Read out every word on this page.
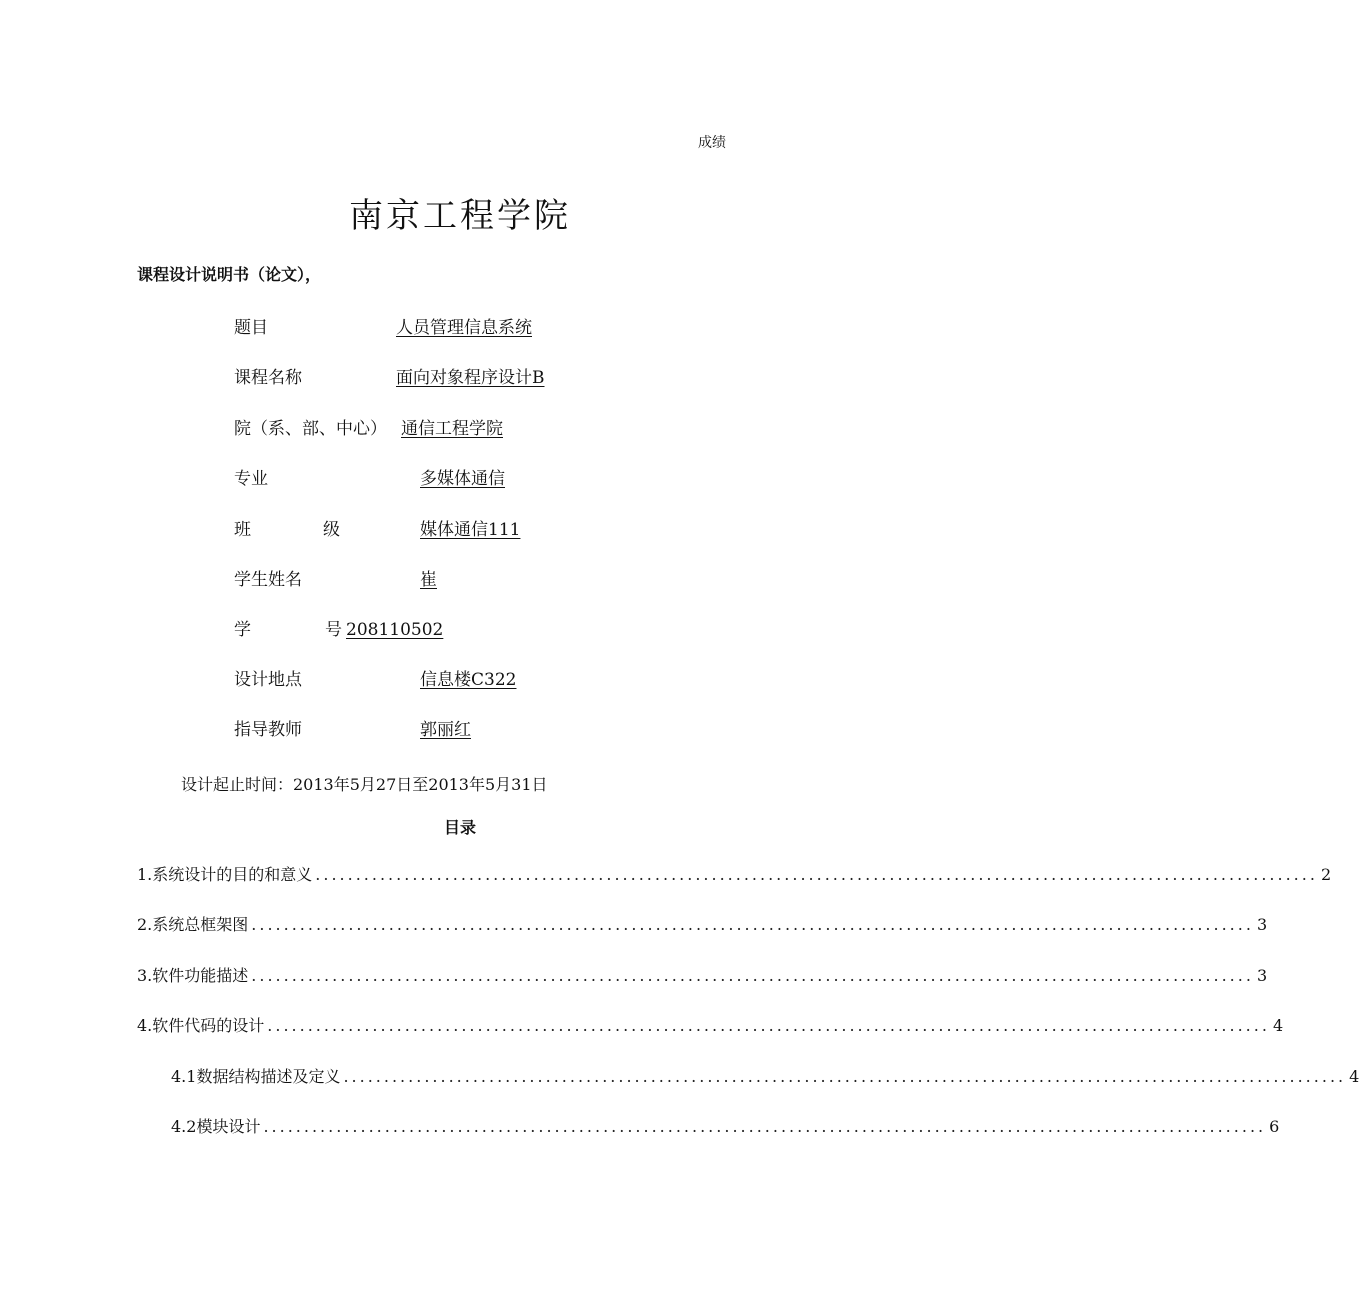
成绩
南京工程学院
课程设计说明书（论文），
题目	人员管理信息系统
课程名称	面向对象程序设计B
院（系、部、中心） 通信工程学院
专业	多媒体通信
班	级	媒体通信111
学生姓名	崔
学	号 208110502
设计地点	信息楼C322
指导教师	郭丽红
设计起止时间：2013年5月27日至2013年5月31日
目录
1.系统设计的目的和意义 ............................................................................................................................ 2
2.系统总框架图 ............................................................................................................................ 3
3.软件功能描述 ............................................................................................................................ 3
4.软件代码的设计 ............................................................................................................................ 4
4.1数据结构描述及定义 ............................................................................................................................ 4
4.2模块设计 ............................................................................................................................ 6
